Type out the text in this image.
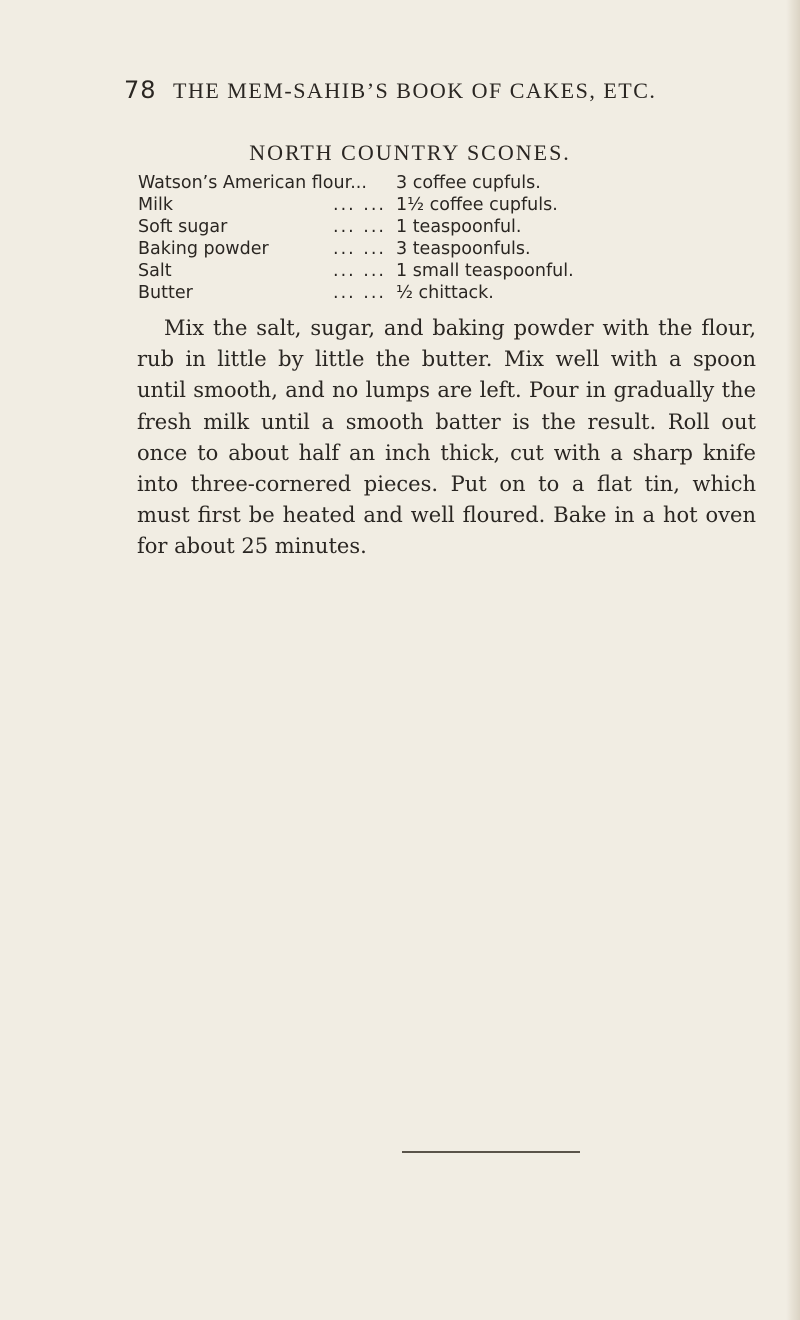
78 THE MEM-SAHIB’S BOOK OF CAKES, ETC.
NORTH COUNTRY SCONES.
Watson’s American flour...	3 coffee cupfuls.
Milk	... ... 1½ coffee cupfuls.
Soft sugar	... ... 1 teaspoonful.
Baking powder	... ... 3 teaspoonfuls.
Salt	... ... 1 small teaspoonful.
Butter	... ... ½ chittack.

Mix the salt, sugar, and baking powder with the flour, rub in little by little the butter. Mix well with a spoon until smooth, and no lumps are left. Pour in gradually the fresh milk until a smooth batter is the result. Roll out once to about half an inch thick, cut with a sharp knife into three-cornered pieces. Put on to a flat tin, which must first be heated and well floured. Bake in a hot oven for about 25 minutes.
